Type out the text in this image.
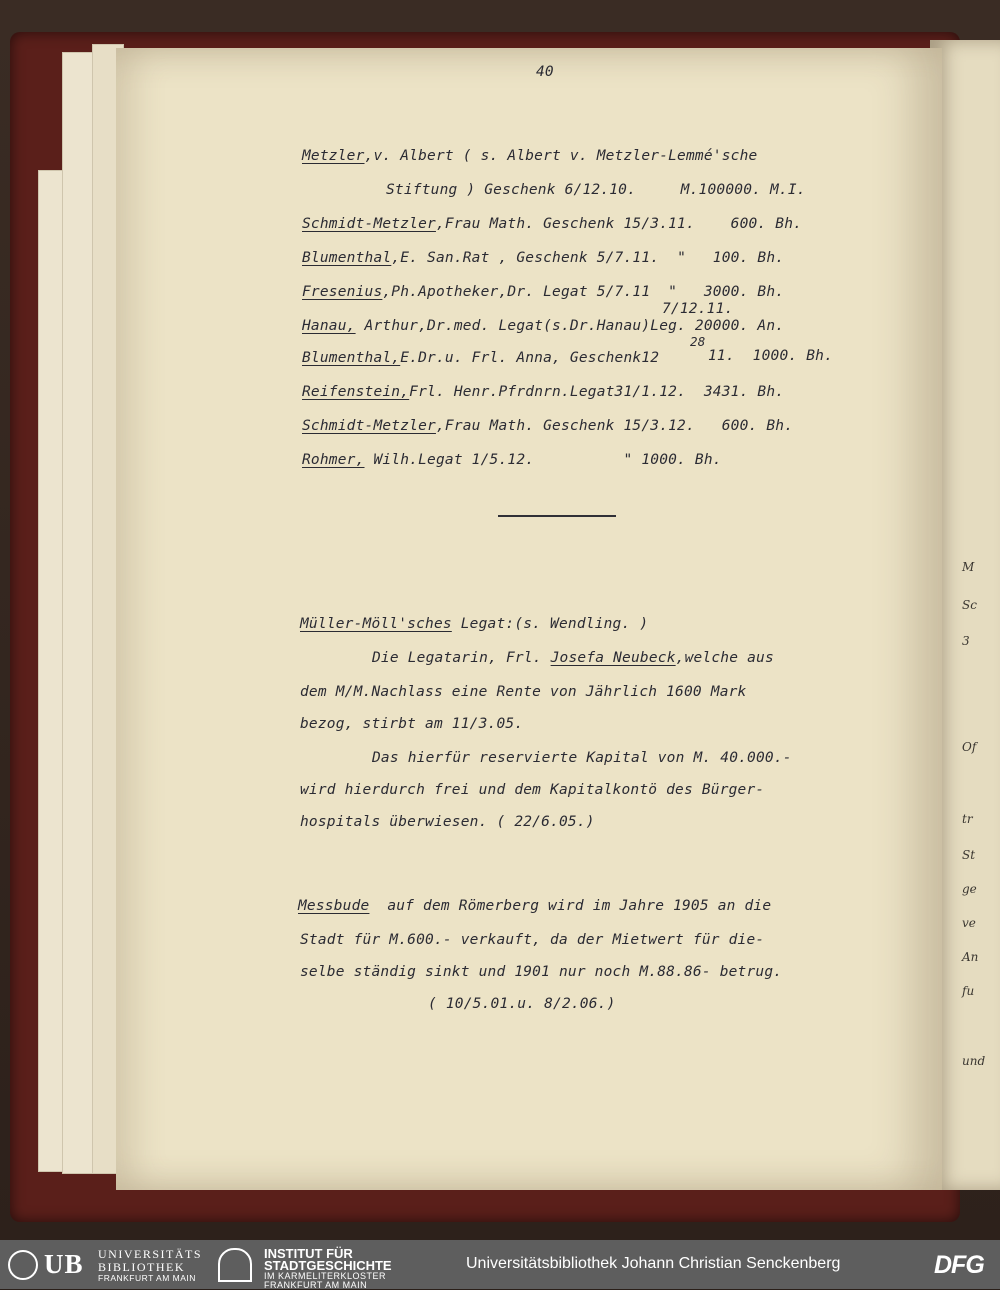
M
Sc
3
Of
tr
St
ge
ve
An
fu
und
40
Metzler,v. Albert ( s. Albert v. Metzler-Lemmé'sche
Stiftung ) Geschenk 6/12.10.     M.100000. M.I.
Schmidt-Metzler,Frau Math. Geschenk 15/3.11.    600. Bh.
Blumenthal,E. San.Rat , Geschenk 5/7.11.  "   100. Bh.
Fresenius,Ph.Apotheker,Dr. Legat 5/7.11  "   3000. Bh.
7/12.11.
Hanau, Arthur,Dr.med. Legat(s.Dr.Hanau)Leg. 20000. An.
28
Blumenthal,E.Dr.u. Frl. Anna, Geschenk12	11.  1000. Bh.
Reifenstein,Frl. Henr.Pfrdnrn.Legat31/1.12.  3431. Bh.
Schmidt-Metzler,Frau Math. Geschenk 15/3.12.   600. Bh.
Rohmer, Wilh.Legat 1/5.12.          " 1000. Bh.
Müller-Möll'sches Legat:(s. Wendling. )
Die Legatarin, Frl. Josefa Neubeck,welche aus
dem M/M.Nachlass eine Rente von Jährlich 1600 Mark
bezog, stirbt am 11/3.05.
Das hierfür reservierte Kapital von M. 40.000.-
wird hierdurch frei und dem Kapitalkontö des Bürger-
hospitals überwiesen. ( 22/6.05.)
Messbude  auf dem Römerberg wird im Jahre 1905 an die
Stadt für M.600.- verkauft, da der Mietwert für die-
selbe ständig sinkt und 1901 nur noch M.88.86- betrug.
( 10/5.01.u. 8/2.06.)
UB UNIVERSITÄTS
BIBLIOTHEK
FRANKFURT AM MAIN
INSTITUT FÜR
STADTGESCHICHTE
IM KARMELITERKLOSTER
FRANKFURT AM MAIN
Universitätsbibliothek Johann Christian Senckenberg	DFG
